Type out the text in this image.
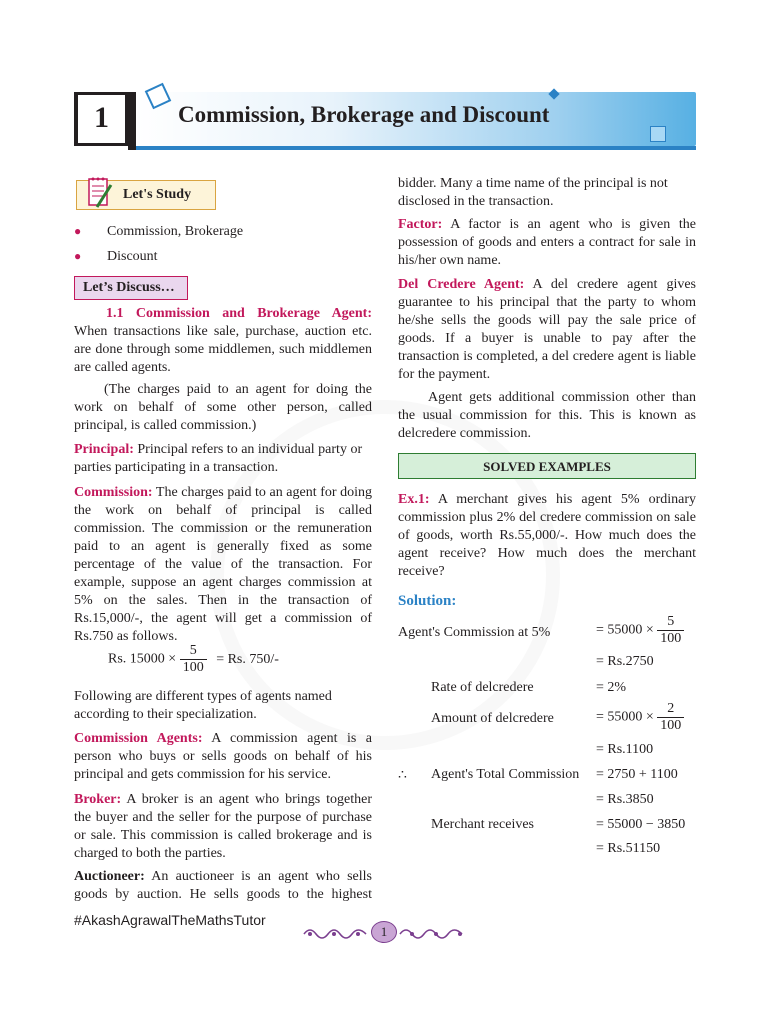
1	Commission, Brokerage and Discount
Let's Study
● Commission, Brokerage
● Discount
Let’s Discuss…
1.1 Commission and Brokerage Agent: When transactions like sale, purchase, auction etc. are done through some middlemen, such middlemen are called agents.
(The charges paid to an agent for doing the work on behalf of some other person, called principal, is called commission.)
Principal: Principal refers to an individual party or parties participating in a transaction.
Commission: The charges paid to an agent for doing the work on behalf of principal is called commission. The commission or the remuneration paid to an agent is generally fixed as some percentage of the value of the transaction. For example, suppose an agent charges commission at 5% on the sales. Then in the transaction of Rs.15,000/-, the agent will get a commission of Rs.750 as follows.
Rs. $15000 \times \frac{5}{100} = Rs$. 750/-
Following are different types of agents named according to their specialization.
Commission Agents: A commission agent is a person who buys or sells goods on behalf of his principal and gets commission for his service.
Broker: A broker is an agent who brings together the buyer and the seller for the purpose of purchase or sale. This commission is called brokerage and is charged to both the parties.
Auctioneer: An auctioneer is an agent who sells goods by auction. He sells goods to the highest
bidder. Many a time name of the principal is not disclosed in the transaction.
Factor: A factor is an agent who is given the possession of goods and enters a contract for sale in his/her own name.
Del Credere Agent: A del credere agent gives guarantee to his principal that the party to whom he/she sells the goods will pay the sale price of goods. If a buyer is unable to pay after the transaction is completed, a del credere agent is liable for the payment.
Agent gets additional commission other than the usual commission for this. This is known as delcredere commission.
$_{SOLVED EXAMPLES}$
Ex.1: A merchant gives his agent 5% ordinary commission plus 2% del credere commission on sale of goods, worth Rs.55,000/-. How much does the agent receive? How much does the merchant receive?
Solution:
Agent's Commission at 5%	= $55000 \times \frac{5}{100}$
= Rs.2750
Rate of delcredere	= 2%
Amount of delcredere	= $55000 \times \frac{2}{100}$
= Rs.1100
∴ Agent's Total Commission = 2750 + 1100
= Rs.3850
Merchant receives	= 55000 − 3850
= Rs.51150
#AkashAgrawalTheMathsTutor
1
